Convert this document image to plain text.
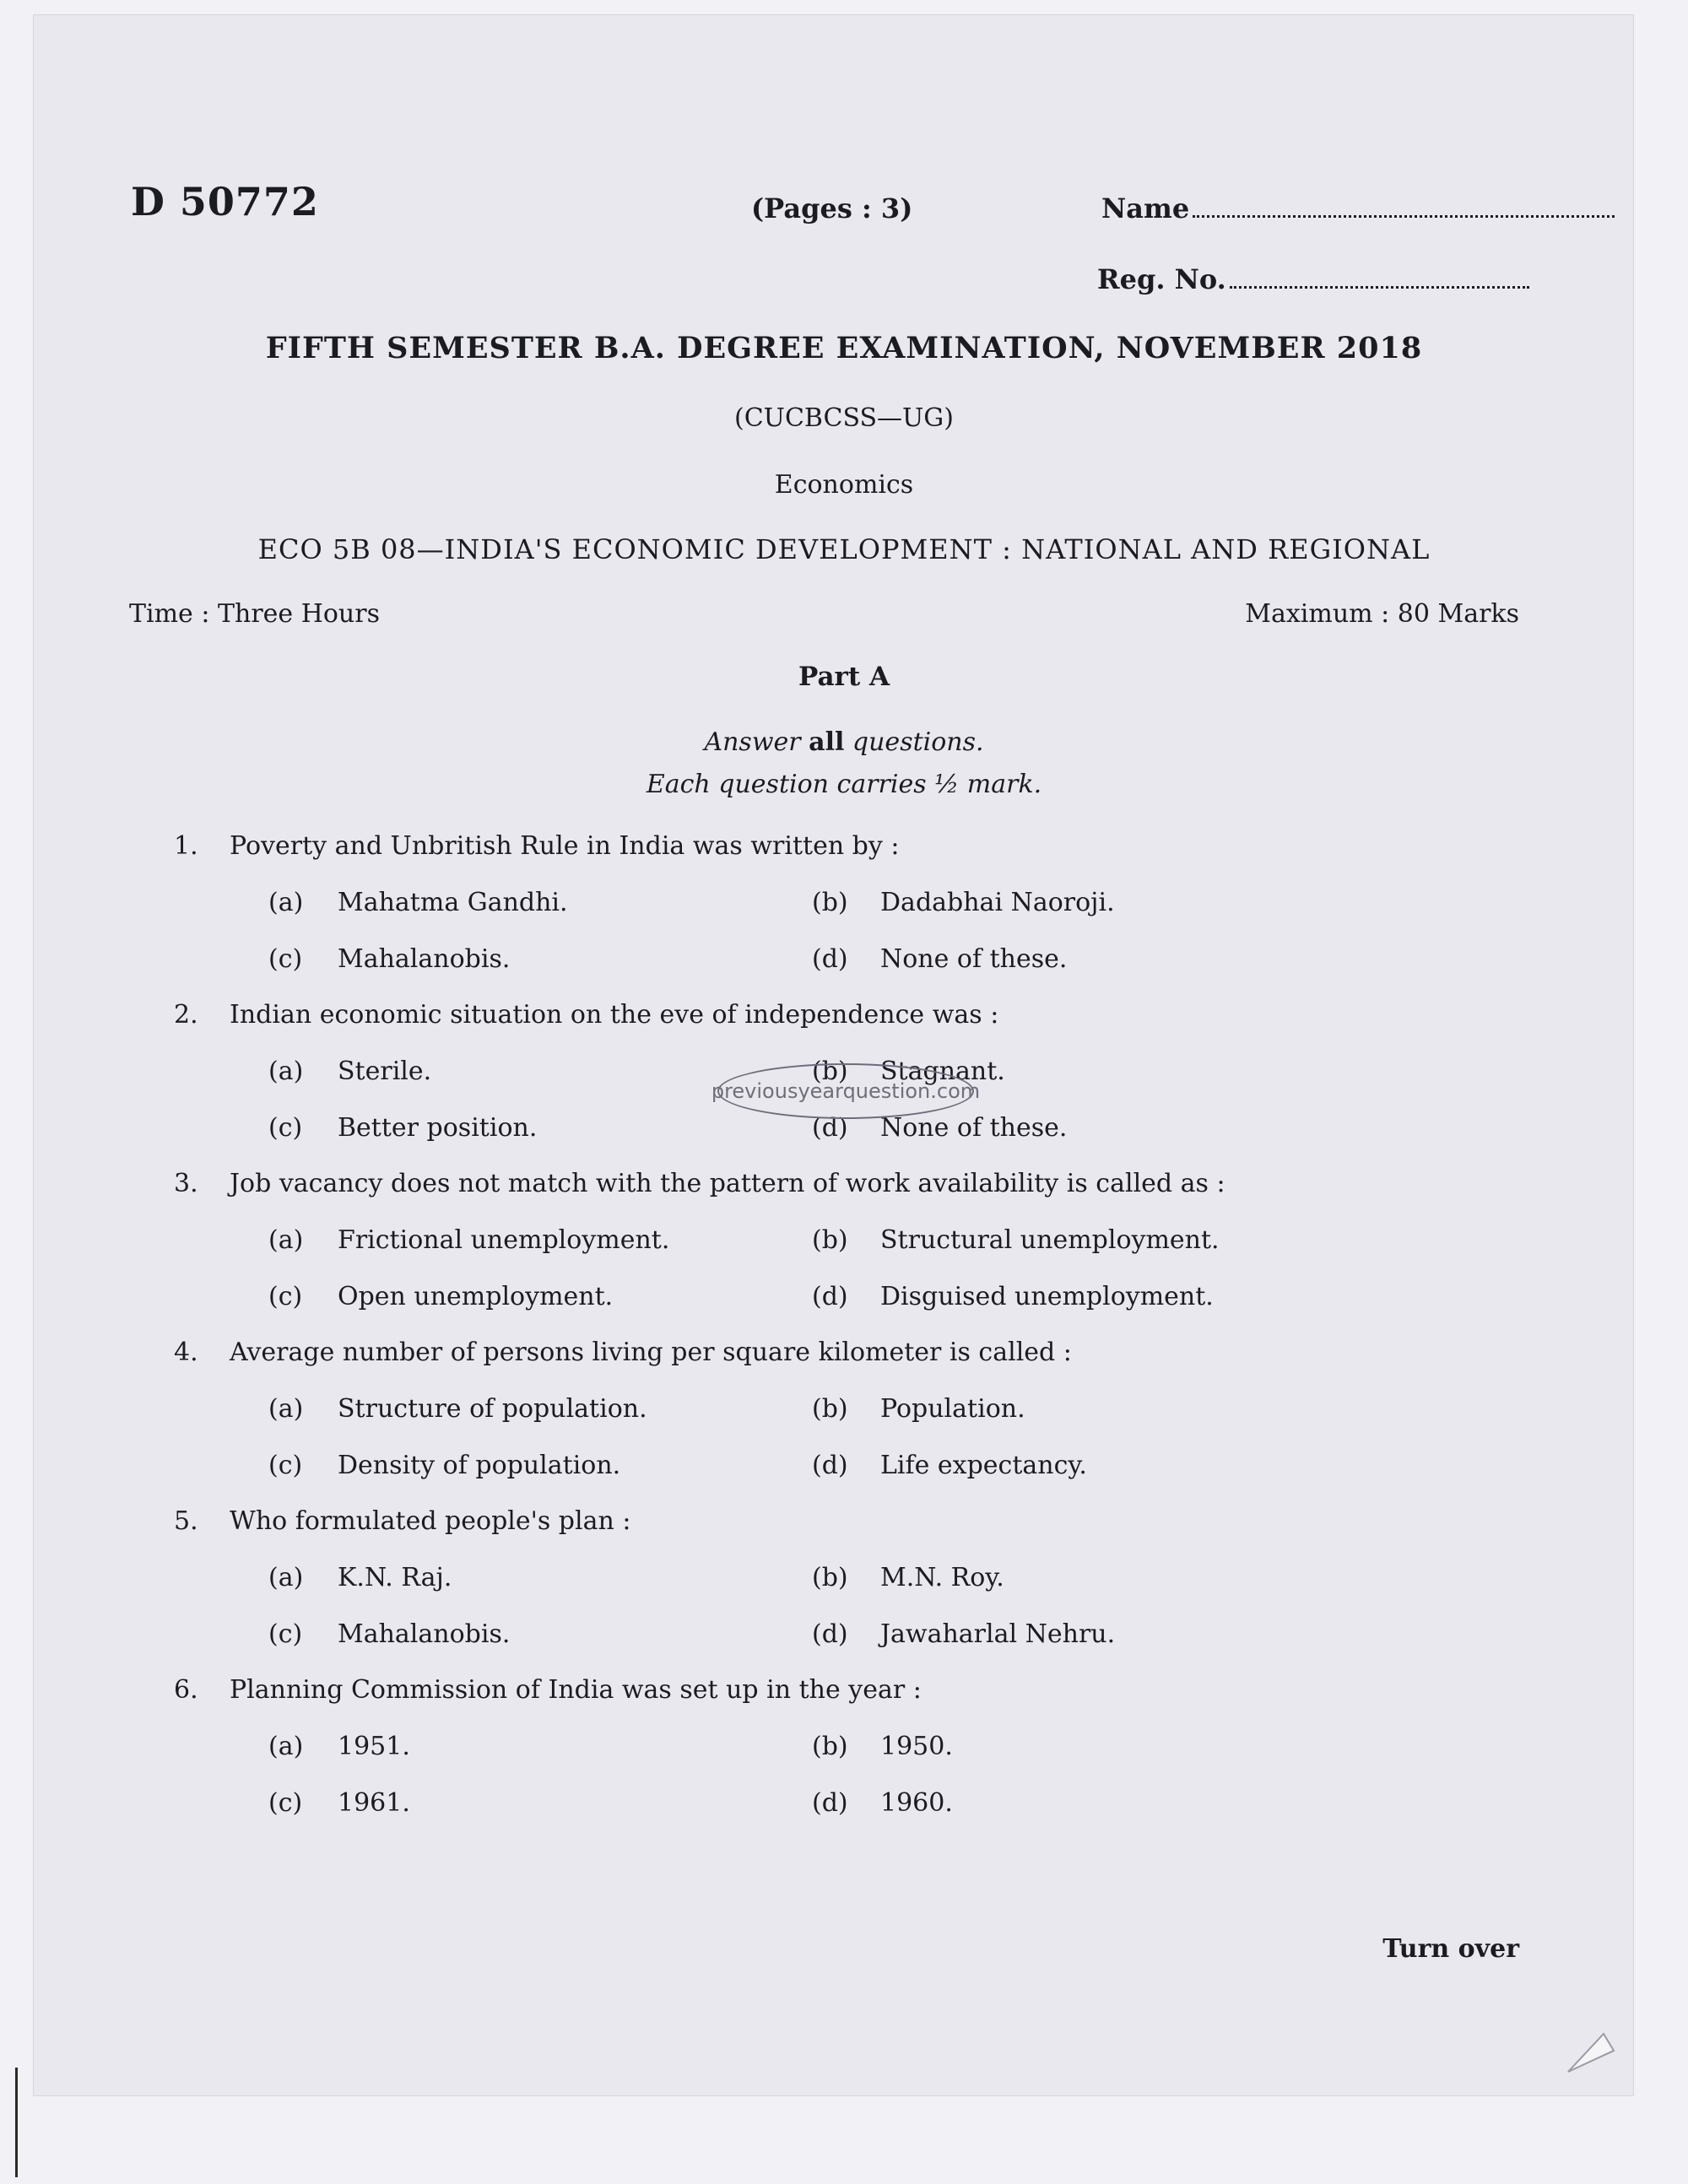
D 50772	(Pages : 3)	Name
Reg. No.
FIFTH SEMESTER B.A. DEGREE EXAMINATION, NOVEMBER 2018
(CUCBCSS—UG)
Economics
ECO 5B 08—INDIA'S ECONOMIC DEVELOPMENT : NATIONAL AND REGIONAL
Time : Three Hours	Maximum : 80 Marks
Part A
Answer all questions.
Each question carries ½ mark.
1. Poverty and Unbritish Rule in India was written by :
(a) Mahatma Gandhi.	(b) Dadabhai Naoroji.
(c) Mahalanobis.	(d) None of these.
2. Indian economic situation on the eve of independence was :
(a) Sterile.	(b) Stagnant.
(c) Better position.	(d) None of these.
3. Job vacancy does not match with the pattern of work availability is called as :
(a) Frictional unemployment.	(b) Structural unemployment.
(c) Open unemployment.	(d) Disguised unemployment.
4. Average number of persons living per square kilometer is called :
(a) Structure of population.	(b) Population.
(c) Density of population.	(d) Life expectancy.
5. Who formulated people's plan :
(a) K.N. Raj.	(b) M.N. Roy.
(c) Mahalanobis.	(d) Jawaharlal Nehru.
6. Planning Commission of India was set up in the year :
(a) 1951.	(b) 1950.
(c) 1961.	(d) 1960.
previousyearquestion.com
Turn over
